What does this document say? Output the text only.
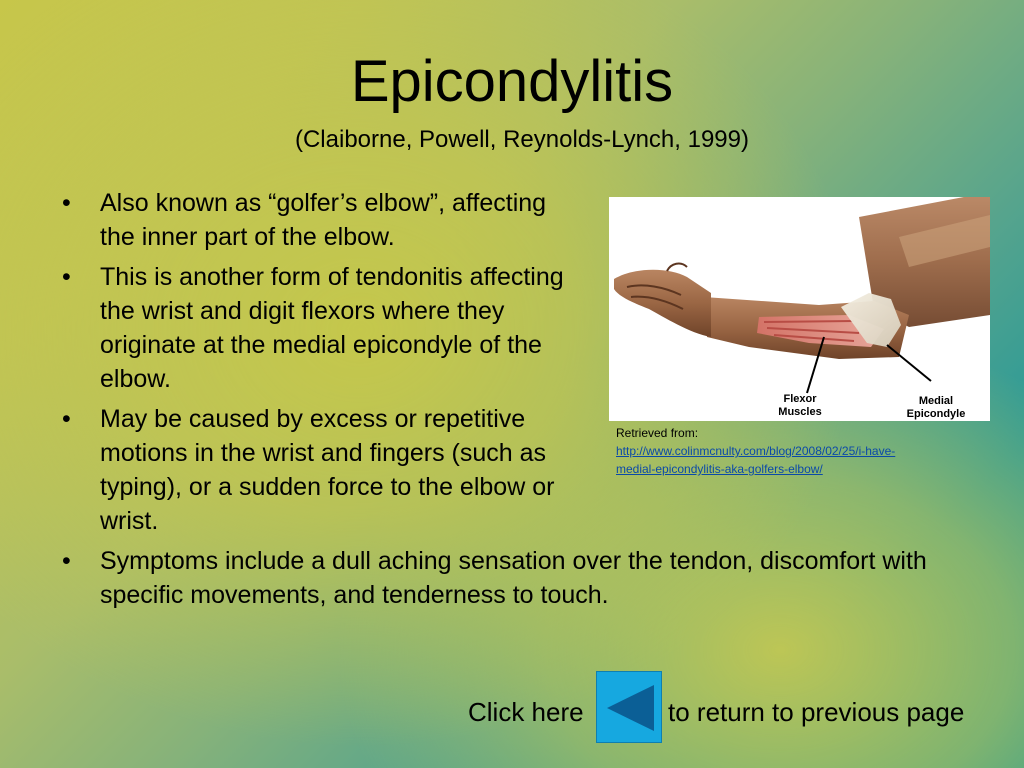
Epicondylitis
(Claiborne, Powell, Reynolds-Lynch, 1999)
• Also known as “golfer’s elbow”, affecting the inner part of the elbow.
• This is another form of tendonitis affecting the wrist and digit flexors where they originate at the medial epicondyle of the elbow.
• May be caused by excess or repetitive motions in the wrist and fingers (such as typing), or a sudden force to the elbow or wrist.
• Symptoms include a dull aching sensation over the tendon, discomfort with specific movements, and tenderness to touch.
Flexor
Muscles
Medial
Epicondyle
Retrieved from:
http://www.colinmcnulty.com/blog/2008/02/25/i-have-
medial-epicondylitis-aka-golfers-elbow/
Click here	to return to previous page
